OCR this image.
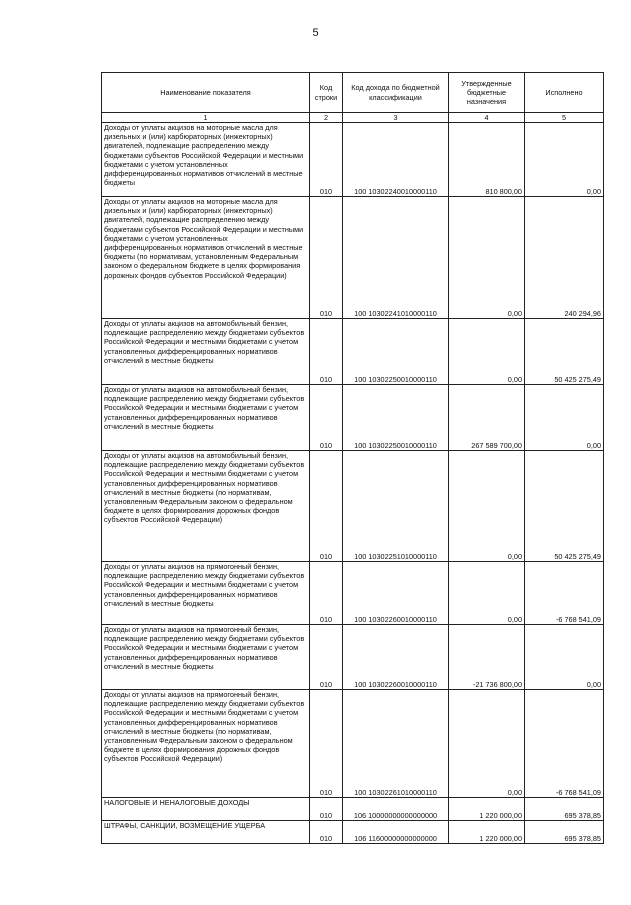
5
Наименование показателя	Код строки	Код дохода по бюджетной классификации	Утвержденные бюджетные назначения	Исполнено
1	2	3	4	5
Доходы от уплаты акцизов на моторные масла для дизельных и (или) карбюраторных (инжекторных) двигателей, подлежащие распределению между бюджетами субъектов Российской Федерации и местными бюджетами с учетом установленных дифференцированных нормативов отчислений в местные бюджеты	010	100 10302240010000110	810 800,00	0,00
Доходы от уплаты акцизов на моторные масла для дизельных и (или) карбюраторных (инжекторных) двигателей, подлежащие распределению между бюджетами субъектов Российской Федерации и местными бюджетами с учетом установленных дифференцированных нормативов отчислений в местные бюджеты (по нормативам, установленным Федеральным законом о федеральном бюджете в целях формирования дорожных фондов субъектов Российской Федерации)	010	100 10302241010000110	0,00	240 294,96
Доходы от уплаты акцизов на автомобильный бензин, подлежащие распределению между бюджетами субъектов Российской Федерации и местными бюджетами с учетом установленных дифференцированных нормативов отчислений в местные бюджеты	010	100 10302250010000110	0,00	50 425 275,49
Доходы от уплаты акцизов на автомобильный бензин, подлежащие распределению между бюджетами субъектов Российской Федерации и местными бюджетами с учетом установленных дифференцированных нормативов отчислений в местные бюджеты	010	100 10302250010000110	267 589 700,00	0,00
Доходы от уплаты акцизов на автомобильный бензин, подлежащие распределению между бюджетами субъектов Российской Федерации и местными бюджетами с учетом установленных дифференцированных нормативов отчислений в местные бюджеты (по нормативам, установленным Федеральным законом о федеральном бюджете в целях формирования дорожных фондов субъектов Российской Федерации)	010	100 10302251010000110	0,00	50 425 275,49
Доходы от уплаты акцизов на прямогонный бензин, подлежащие распределению между бюджетами субъектов Российской Федерации и местными бюджетами с учетом установленных дифференцированных нормативов отчислений в местные бюджеты	010	100 10302260010000110	0,00	-6 768 541,09
Доходы от уплаты акцизов на прямогонный бензин, подлежащие распределению между бюджетами субъектов Российской Федерации и местными бюджетами с учетом установленных дифференцированных нормативов отчислений в местные бюджеты	010	100 10302260010000110	-21 736 800,00	0,00
Доходы от уплаты акцизов на прямогонный бензин, подлежащие распределению между бюджетами субъектов Российской Федерации и местными бюджетами с учетом установленных дифференцированных нормативов отчислений в местные бюджеты (по нормативам, установленным Федеральным законом о федеральном бюджете в целях формирования дорожных фондов субъектов Российской Федерации)	010	100 10302261010000110	0,00	-6 768 541,09
НАЛОГОВЫЕ И НЕНАЛОГОВЫЕ ДОХОДЫ	010	106 10000000000000000	1 220 000,00	695 378,85
ШТРАФЫ, САНКЦИИ, ВОЗМЕЩЕНИЕ УЩЕРБА	010	106 11600000000000000	1 220 000,00	695 378,85
